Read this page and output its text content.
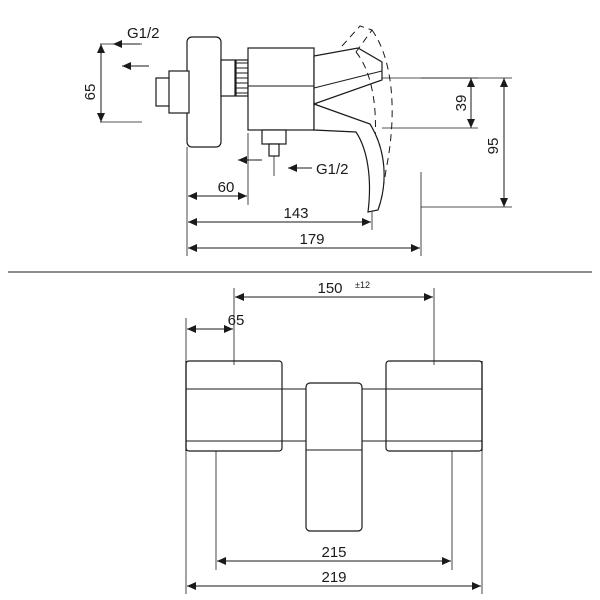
65
G1/2
G1/2
60
143
179
39
95
150 ±12
65
215
219
